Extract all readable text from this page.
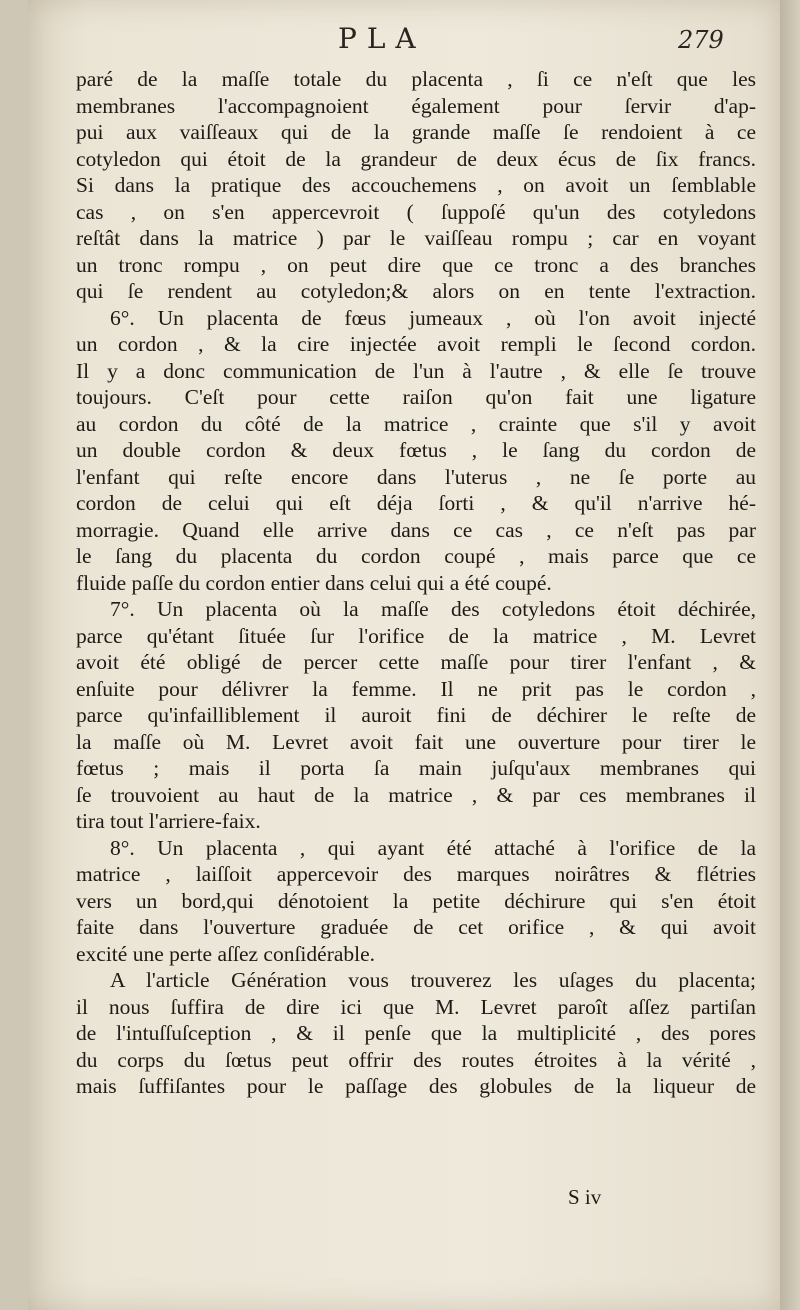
PLA	279
paré de la maſſe totale du placenta , ſi ce n'eſt que les
membranes l'accompagnoient également pour ſervir d'ap-
pui aux vaiſſeaux qui de la grande maſſe ſe rendoient à ce
cotyledon qui étoit de la grandeur de deux écus de ſix francs.
Si dans la pratique des accouchemens , on avoit un ſemblable
cas , on s'en appercevroit ( ſuppoſé qu'un des cotyledons
reſtât dans la matrice ) par le vaiſſeau rompu ; car en voyant
un tronc rompu , on peut dire que ce tronc a des branches
qui ſe rendent au cotyledon;& alors on en tente l'extraction.
6°. Un placenta de fœus jumeaux , où l'on avoit injecté
un cordon , & la cire injectée avoit rempli le ſecond cordon.
Il y a donc communication de l'un à l'autre , & elle ſe trouve
toujours. C'eſt pour cette raiſon qu'on fait une ligature
au cordon du côté de la matrice , crainte que s'il y avoit
un double cordon & deux fœtus , le ſang du cordon de
l'enfant qui reſte encore dans l'uterus , ne ſe porte au
cordon de celui qui eſt déja ſorti , & qu'il n'arrive hé-
morragie. Quand elle arrive dans ce cas , ce n'eſt pas par
le ſang du placenta du cordon coupé , mais parce que ce
fluide paſſe du cordon entier dans celui qui a été coupé.
7°. Un placenta où la maſſe des cotyledons étoit déchirée,
parce qu'étant ſituée ſur l'orifice de la matrice , M. Levret
avoit été obligé de percer cette maſſe pour tirer l'enfant , &
enſuite pour délivrer la femme. Il ne prit pas le cordon ,
parce qu'infailliblement il auroit fini de déchirer le reſte de
la maſſe où M. Levret avoit fait une ouverture pour tirer le
fœtus ; mais il porta ſa main juſqu'aux membranes qui
ſe trouvoient au haut de la matrice , & par ces membranes il
tira tout l'arriere-faix.
8°. Un placenta , qui ayant été attaché à l'orifice de la
matrice , laiſſoit appercevoir des marques noirâtres & flétries
vers un bord,qui dénotoient la petite déchirure qui s'en étoit
faite dans l'ouverture graduée de cet orifice , & qui avoit
excité une perte aſſez conſidérable.
A l'article Génération vous trouverez les uſages du placenta;
il nous ſuffira de dire ici que M. Levret paroît aſſez partiſan
de l'intuſſuſception , & il penſe que la multiplicité , des pores
du corps du ſœtus peut offrir des routes étroites à la vérité ,
mais ſuffiſantes pour le paſſage des globules de la liqueur de
S iv
